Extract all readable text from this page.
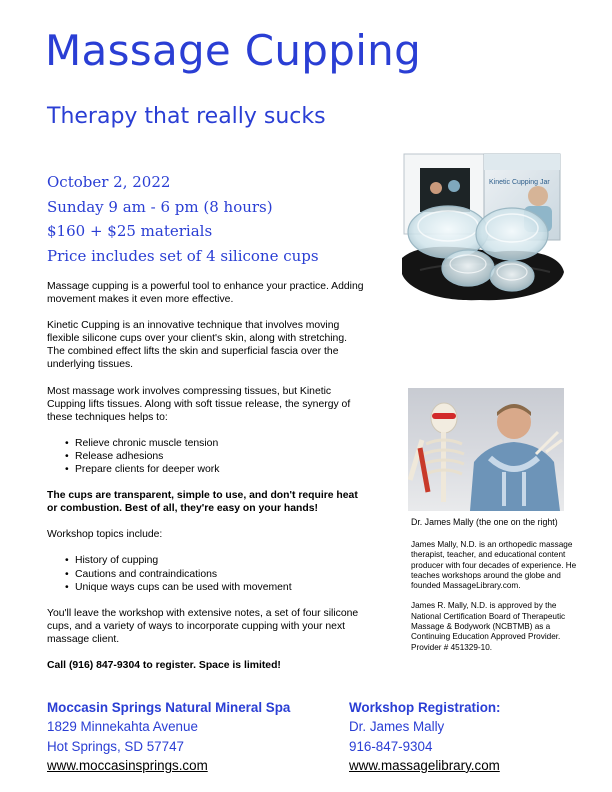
Massage Cupping
Therapy that really sucks
October 2, 2022
Sunday 9 am - 6 pm (8 hours)
$160 + $25 materials
Price includes set of 4 silicone cups

Massage cupping is a powerful tool to enhance your practice. Adding movement makes it even more effective.

Kinetic Cupping is an innovative technique that involves moving flexible silicone cups over your client's skin, along with stretching. The combined effect lifts the skin and superficial fascia over the underlying tissues.

Most massage work involves compressing tissues, but Kinetic Cupping lifts tissues. Along with soft tissue release, the synergy of these techniques helps to:

• Relieve chronic muscle tension
• Release adhesions
• Prepare clients for deeper work

The cups are transparent, simple to use, and don't require heat or combustion. Best of all, they're easy on your hands!

Workshop topics include:

• History of cupping
• Cautions and contraindications
• Unique ways cups can be used with movement

You'll leave the workshop with extensive notes, a set of four silicone cups, and a variety of ways to incorporate cupping with your next massage client.

Call (916) 847-9304 to register. Space is limited!

Kinetic Cupping Jar
Dr. James Mally (the one on the right)

James Mally, N.D. is an orthopedic massage therapist, teacher, and educational content producer with four decades of experience. He teaches workshops around the globe and founded MassageLibrary.com.

James R. Mally, N.D. is approved by the National Certification Board of Therapeutic Massage & Bodywork (NCBTMB) as a Continuing Education Approved Provider. Provider # 451329-10.

Moccasin Springs Natural Mineral Spa
1829 Minnekahta Avenue
Hot Springs, SD 57747
www.moccasinsprings.com
Workshop Registration:
Dr. James Mally
916-847-9304
www.massagelibrary.com
